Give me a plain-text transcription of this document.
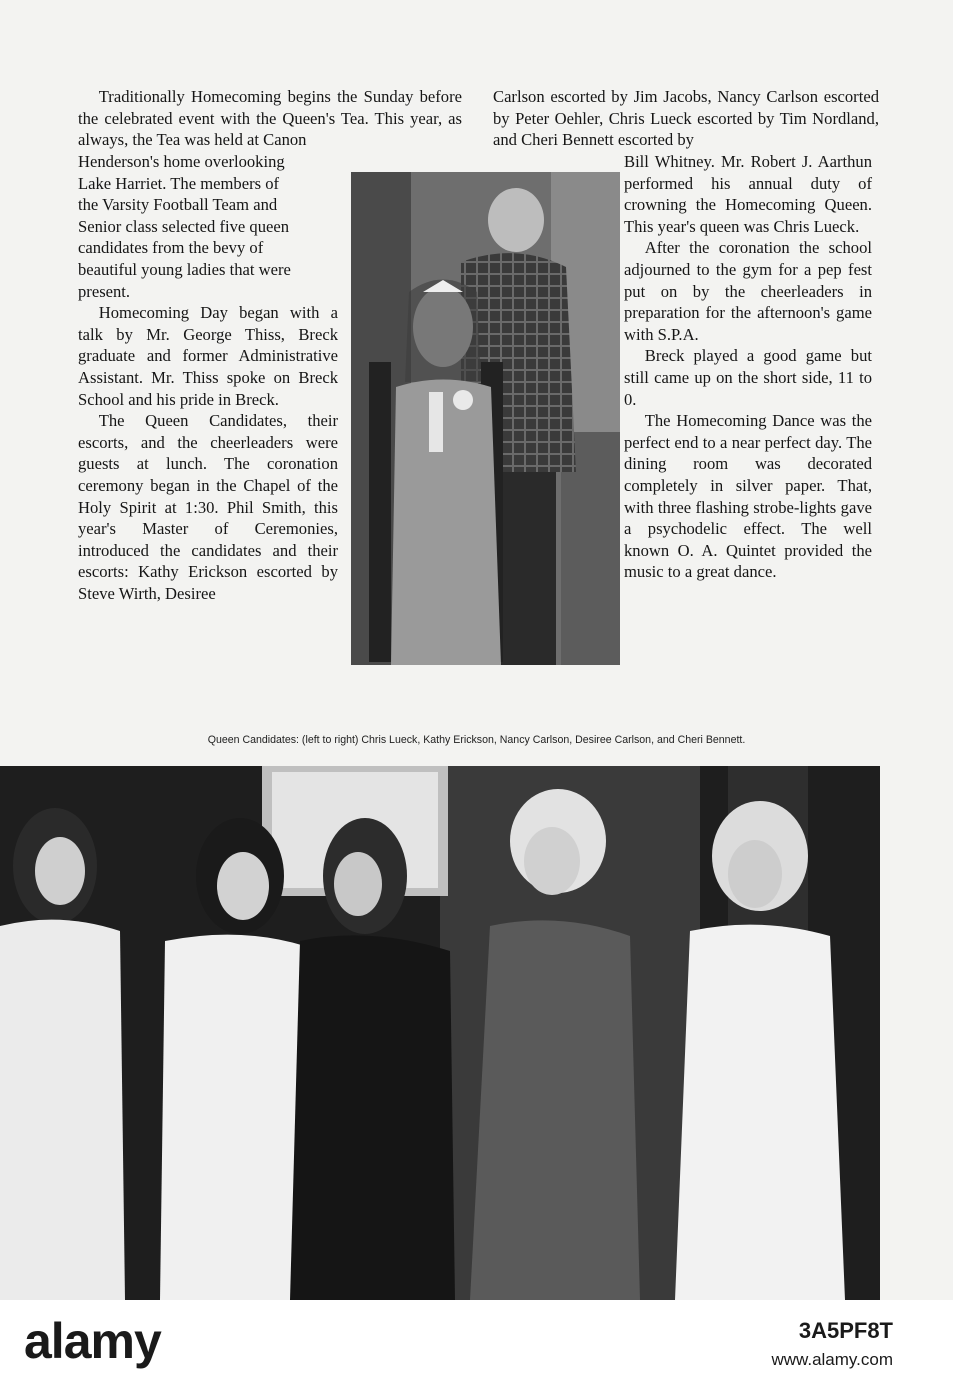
Traditionally Homecoming begins the Sunday before the celebrated event with the Queen's Tea. This year, as always, the Tea was held at Canon

Henderson's home overlooking
Lake Harriet. The members of
the Varsity Football Team and
Senior class selected five queen
candidates from the bevy of
beautiful young ladies that were
present.

Homecoming Day began with a talk by Mr. George Thiss, Breck graduate and former Administrative Assistant. Mr. Thiss spoke on Breck School and his pride in Breck.

The Queen Candidates, their escorts, and the cheerleaders were guests at lunch. The coronation ceremony began in the Chapel of the Holy Spirit at 1:30. Phil Smith, this year's Master of Ceremonies, introduced the candidates and their escorts: Kathy Erickson escorted by Steve Wirth, Desiree

Carlson escorted by Jim Jacobs, Nancy Carlson escorted by Peter Oehler, Chris Lueck escorted by Tim Nordland, and Cheri Bennett escorted by

Bill Whitney. Mr. Robert J. Aarthun performed his annual duty of crowning the Homecoming Queen. This year's queen was Chris Lueck.

After the coronation the school adjourned to the gym for a pep fest put on by the cheerleaders in preparation for the afternoon's game with S.P.A.

Breck played a good game but still came up on the short side, 11 to 0.

The Homecoming Dance was the perfect end to a near perfect day. The dining room was decorated completely in silver paper. That, with three flashing strobe-lights gave a psychodelic effect. The well known O. A. Quintet provided the music to a great dance.

Queen Candidates: (left to right) Chris Lueck, Kathy Erickson, Nancy Carlson, Desiree Carlson, and Cheri Bennett.
alamy	3A5PF8T
www.alamy.com
